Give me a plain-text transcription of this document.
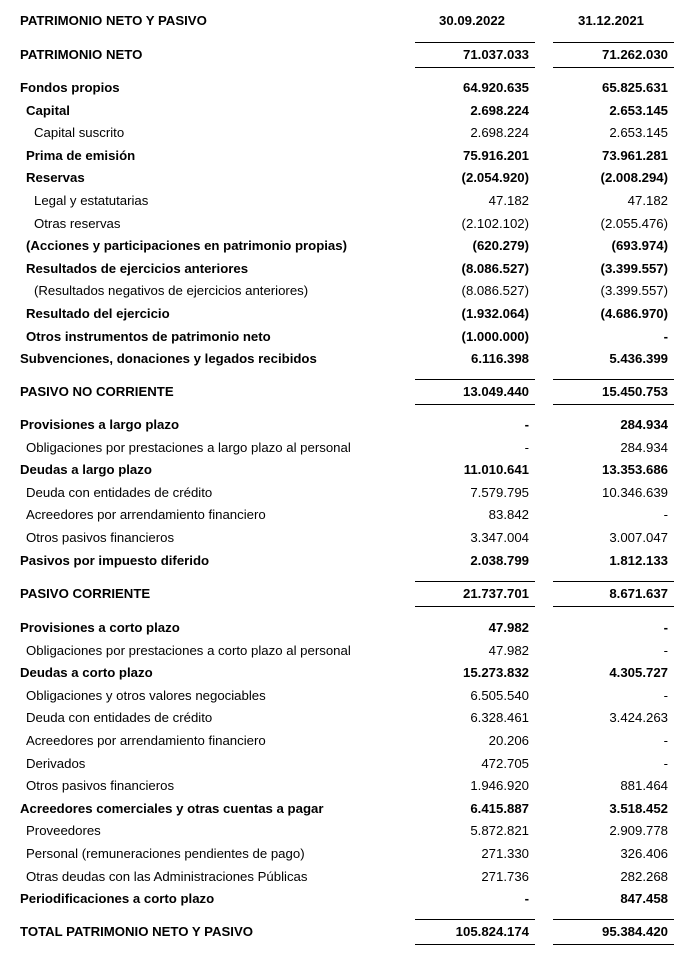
PATRIMONIO NETO Y PASIVO	30.09.2022	31.12.2021
PATRIMONIO NETO	71.037.033	71.262.030
Fondos propios	64.920.635	65.825.631
Capital	2.698.224	2.653.145
Capital suscrito	2.698.224	2.653.145
Prima de emisión	75.916.201	73.961.281
Reservas	(2.054.920)	(2.008.294)
Legal y estatutarias	47.182	47.182
Otras reservas	(2.102.102)	(2.055.476)
(Acciones y participaciones en patrimonio propias)	(620.279)	(693.974)
Resultados de ejercicios anteriores	(8.086.527)	(3.399.557)
(Resultados negativos de ejercicios anteriores)	(8.086.527)	(3.399.557)
Resultado del ejercicio	(1.932.064)	(4.686.970)
Otros instrumentos de patrimonio neto	(1.000.000)	-
Subvenciones, donaciones y legados recibidos	6.116.398	5.436.399
PASIVO NO CORRIENTE	13.049.440	15.450.753
Provisiones a largo plazo	-	284.934
Obligaciones por prestaciones a largo plazo al personal	-	284.934
Deudas a largo plazo	11.010.641	13.353.686
Deuda con entidades de crédito	7.579.795	10.346.639
Acreedores por arrendamiento financiero	83.842	-
Otros pasivos financieros	3.347.004	3.007.047
Pasivos por impuesto diferido	2.038.799	1.812.133
PASIVO CORRIENTE	21.737.701	8.671.637
Provisiones a corto plazo	47.982	-
Obligaciones por prestaciones a corto plazo al personal	47.982	-
Deudas a corto plazo	15.273.832	4.305.727
Obligaciones y otros valores negociables	6.505.540	-
Deuda con entidades de crédito	6.328.461	3.424.263
Acreedores por arrendamiento financiero	20.206	-
Derivados	472.705	-
Otros pasivos financieros	1.946.920	881.464
Acreedores comerciales y otras cuentas a pagar	6.415.887	3.518.452
Proveedores	5.872.821	2.909.778
Personal (remuneraciones pendientes de pago)	271.330	326.406
Otras deudas con las Administraciones Públicas	271.736	282.268
Periodificaciones a corto plazo	-	847.458
TOTAL PATRIMONIO NETO Y PASIVO	105.824.174	95.384.420
